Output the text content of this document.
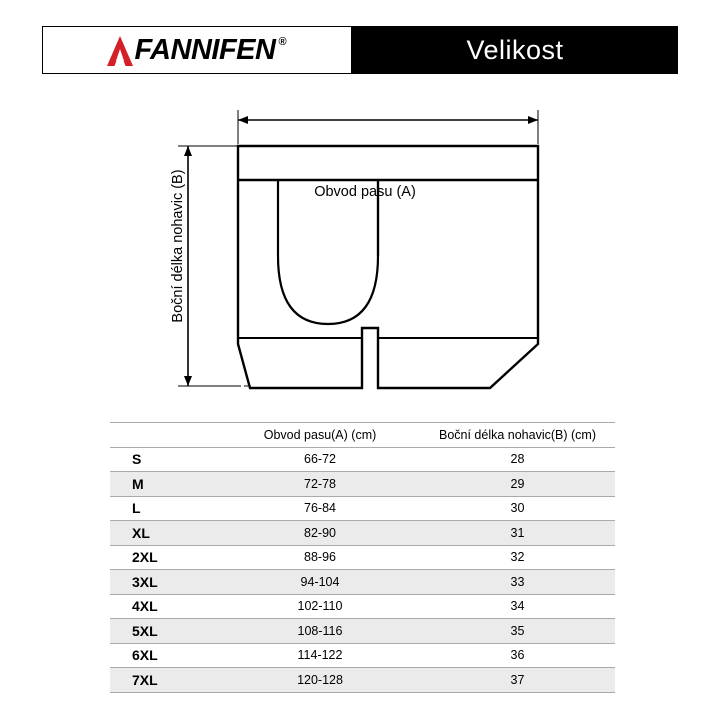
FANNIFEN ®	Velikost
Obvod pasu (A)
Boční délka nohavic (B)
	Obvod pasu(A) (cm)	Boční délka nohavic(B) (cm)
S	66-72	28
M	72-78	29
L	76-84	30
XL	82-90	31
2XL	88-96	32
3XL	94-104	33
4XL	102-110	34
5XL	108-116	35
6XL	114-122	36
7XL	120-128	37
